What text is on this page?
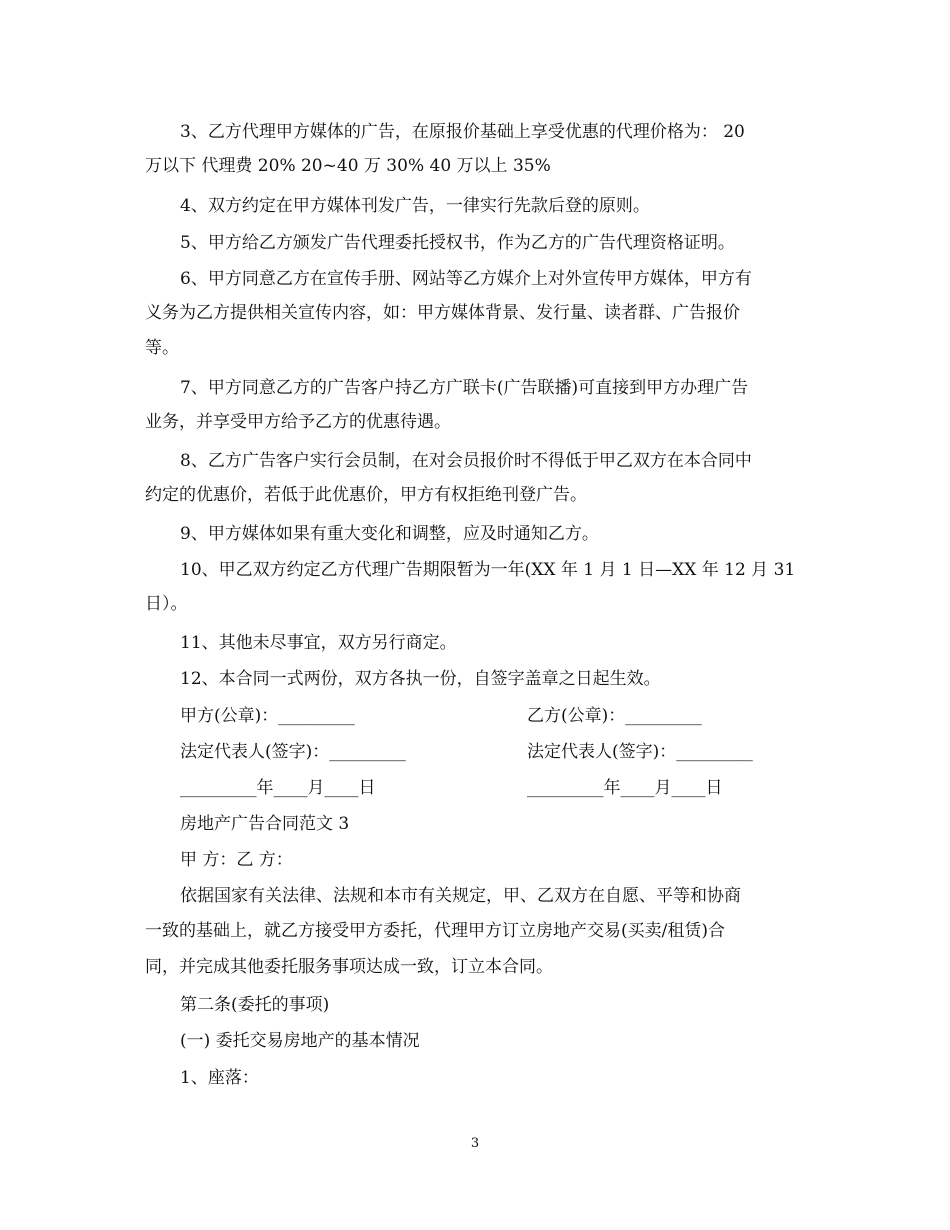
3、乙方代理甲方媒体的广告，在原报价基础上享受优惠的代理价格为： 20
万以下 代理费 20% 20~40 万 30% 40 万以上 35%
4、双方约定在甲方媒体刊发广告，一律实行先款后登的原则。
5、甲方给乙方颁发广告代理委托授权书，作为乙方的广告代理资格证明。
6、甲方同意乙方在宣传手册、网站等乙方媒介上对外宣传甲方媒体，甲方有
义务为乙方提供相关宣传内容，如：甲方媒体背景、发行量、读者群、广告报价
等。
7、甲方同意乙方的广告客户持乙方广联卡(广告联播)可直接到甲方办理广告
业务，并享受甲方给予乙方的优惠待遇。
8、乙方广告客户实行会员制，在对会员报价时不得低于甲乙双方在本合同中
约定的优惠价，若低于此优惠价，甲方有权拒绝刊登广告。
9、甲方媒体如果有重大变化和调整，应及时通知乙方。
10、甲乙双方约定乙方代理广告期限暂为一年(XX 年 1 月 1 日—XX 年 12 月 31
日）。
11、其他未尽事宜，双方另行商定。
12、本合同一式两份，双方各执一份，自签字盖章之日起生效。
甲方(公章)：_________	乙方(公章)：_________
法定代表人(签字)：_________	法定代表人(签字)：_________
_________年____月____日	_________年____月____日
房地产广告合同范文 3
甲 方：乙 方：
依据国家有关法律、法规和本市有关规定，甲、乙双方在自愿、平等和协商
一致的基础上，就乙方接受甲方委托，代理甲方订立房地产交易(买卖/租赁)合
同，并完成其他委托服务事项达成一致，订立本合同。
第二条(委托的事项)
(一) 委托交易房地产的基本情况
1、座落：
3
